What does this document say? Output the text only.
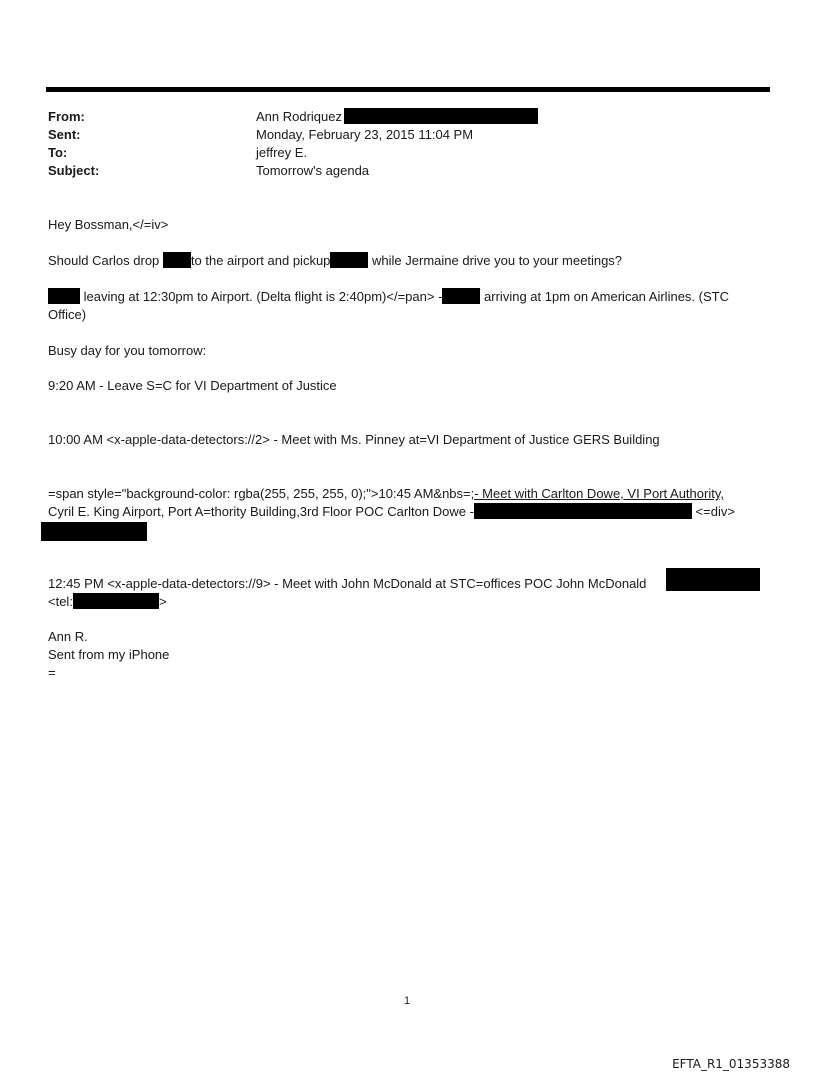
From:	Ann Rodriquez
Sent:	Monday, February 23, 2015 11:04 PM
To:	jeffrey E.
Subject:	Tomorrow's agenda
Hey Bossman,</=iv>
Should Carlos drop to the airport and pickup	while Jermaine drive you to your meetings?
leaving at 12:30pm to Airport. (Delta flight is 2:40pm)</=pan> -	arriving at 1pm on American Airlines. (STC
Office)
Busy day for you tomorrow:
9:20 AM - Leave S=C for VI Department of Justice
10:00 AM <x-apple-data-detectors://2> - Meet with Ms. Pinney at=VI Department of Justice GERS Building
=span style="background-color: rgba(255, 255, 255, 0);">10:45 AM&nbs=;- Meet with Carlton Dowe, VI Port Authority,
Cyril E. King Airport, Port A=thority Building,3rd Floor POC Carlton Dowe -	<=div>
12:45 PM <x-apple-data-detectors://9> - Meet with John McDonald at STC=offices POC John McDonald
<tel:	>
Ann R.
Sent from my iPhone
=
1
EFTA_R1_01353388
